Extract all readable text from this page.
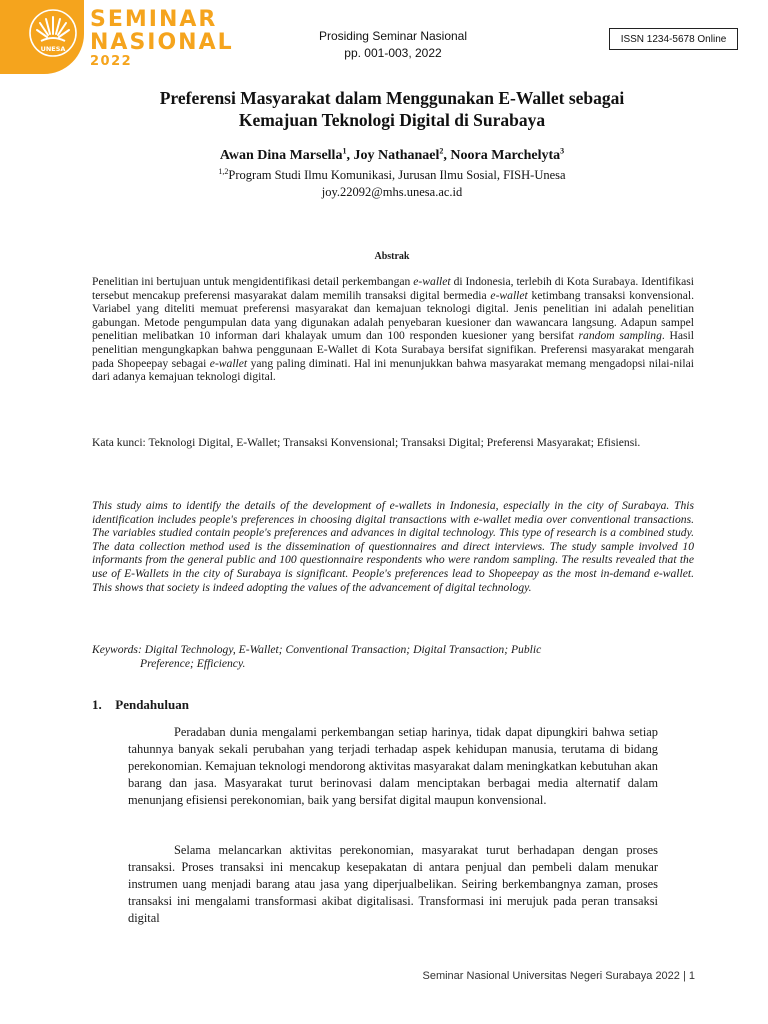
UNESA
SEMINAR
NASIONAL
2022
Prosiding Seminar Nasional
pp. 001-003, 2022
ISSN 1234-5678 Online
Preferensi Masyarakat dalam Menggunakan E-Wallet sebagai
Kemajuan Teknologi Digital di Surabaya
Awan Dina Marsella$^1$, Joy Nathanael$^2$, Noora Marchelyta$^3$
$^{1,2}$Program Studi Ilmu Komunikasi, Jurusan Ilmu Sosial, FISH-Unesa
joy.22092@mhs.unesa.ac.id
Abstrak

Penelitian ini bertujuan untuk mengidentifikasi detail perkembangan e-wallet di Indonesia, terlebih di Kota Surabaya. Identifikasi tersebut mencakup preferensi masyarakat dalam memilih transaksi digital bermedia e-wallet ketimbang transaksi konvensional. Variabel yang diteliti memuat preferensi masyarakat dan kemajuan teknologi digital. Jenis penelitian ini adalah penelitian gabungan. Metode pengumpulan data yang digunakan adalah penyebaran kuesioner dan wawancara langsung. Adapun sampel penelitian melibatkan 10 informan dari khalayak umum dan 100 responden kuesioner yang bersifat random sampling. Hasil penelitian mengungkapkan bahwa penggunaan E-Wallet di Kota Surabaya bersifat signifikan. Preferensi masyarakat mengarah pada Shopeepay sebagai e-wallet yang paling diminati. Hal ini menunjukkan bahwa masyarakat memang mengadopsi nilai-nilai dari adanya kemajuan teknologi digital.

Kata kunci: Teknologi Digital, E-Wallet; Transaksi Konvensional; Transaksi Digital; Preferensi Masyarakat; Efisiensi.

This study aims to identify the details of the development of e-wallets in Indonesia, especially in the city of Surabaya. This identification includes people's preferences in choosing digital transactions with e-wallet media over conventional transactions. The variables studied contain people's preferences and advances in digital technology. This type of research is a combined study. The data collection method used is the dissemination of questionnaires and direct interviews. The study sample involved 10 informants from the general public and 100 questionnaire respondents who were random sampling. The results revealed that the use of E-Wallets in the city of Surabaya is significant. People's preferences lead to Shopeepay as the most in-demand e-wallet. This shows that society is indeed adopting the values of the advancement of digital technology.

Keywords: Digital Technology, E-Wallet; Conventional Transaction; Digital Transaction; Public
Preference; Efficiency.

1. Pendahuluan

Peradaban dunia mengalami perkembangan setiap harinya, tidak dapat dipungkiri bahwa setiap tahunnya banyak sekali perubahan yang terjadi terhadap aspek kehidupan manusia, terutama di bidang perekonomian. Kemajuan teknologi mendorong aktivitas masyarakat dalam meningkatkan kebutuhan akan barang dan jasa. Masyarakat turut berinovasi dalam menciptakan berbagai media alternatif dalam menunjang efisiensi perekonomian, baik yang bersifat digital maupun konvensional.

Selama melancarkan aktivitas perekonomian, masyarakat turut berhadapan dengan proses transaksi. Proses transaksi ini mencakup kesepakatan di antara penjual dan pembeli dalam menukar instrumen uang menjadi barang atau jasa yang diperjualbelikan. Seiring berkembangnya zaman, proses transaksi ini mengalami transformasi akibat digitalisasi. Transformasi ini merujuk pada peran transaksi digital

Seminar Nasional Universitas Negeri Surabaya 2022 | 1
